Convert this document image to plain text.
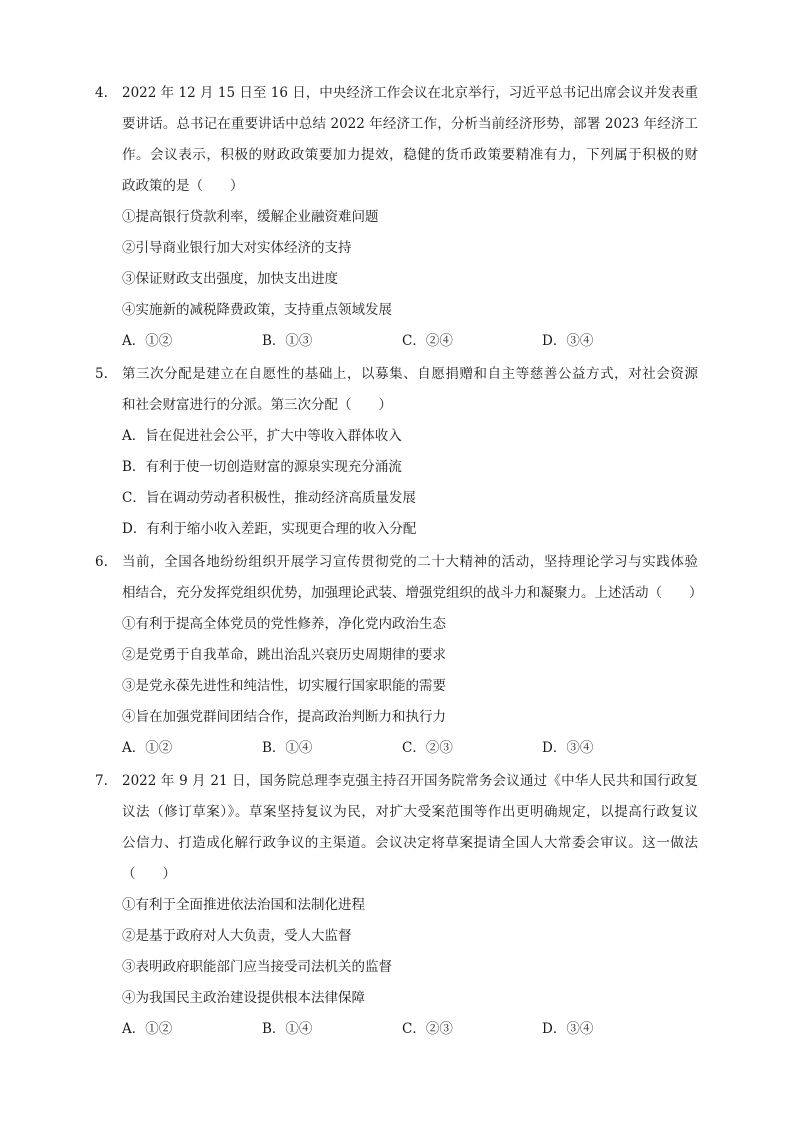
4. 2022 年 12 月 15 日至 16 日，中央经济工作会议在北京举行，习近平总书记出席会议并发表重
要讲话。总书记在重要讲话中总结 2022 年经济工作，分析当前经济形势，部署 2023 年经济工
作。会议表示，积极的财政政策要加力提效，稳健的货币政策要精准有力，下列属于积极的财
政政策的是（　　）
①提高银行贷款利率，缓解企业融资难问题
②引导商业银行加大对实体经济的支持
③保证财政支出强度，加快支出进度
④实施新的减税降费政策，支持重点领域发展
A．①②	B．①③	C．②④	D．③④
5. 第三次分配是建立在自愿性的基础上，以募集、自愿捐赠和自主等慈善公益方式，对社会资源
和社会财富进行的分派。第三次分配（　　）
A．旨在促进社会公平，扩大中等收入群体收入
B．有利于使一切创造财富的源泉实现充分涌流
C．旨在调动劳动者积极性，推动经济高质量发展
D．有利于缩小收入差距，实现更合理的收入分配
6. 当前，全国各地纷纷组织开展学习宣传贯彻党的二十大精神的活动，坚持理论学习与实践体验
相结合，充分发挥党组织优势，加强理论武装、增强党组织的战斗力和凝聚力。上述活动（　　）
①有利于提高全体党员的党性修养，净化党内政治生态
②是党勇于自我革命，跳出治乱兴衰历史周期律的要求
③是党永葆先进性和纯洁性，切实履行国家职能的需要
④旨在加强党群间团结合作，提高政治判断力和执行力
A．①②	B．①④	C．②③	D．③④
7. 2022 年 9 月 21 日，国务院总理李克强主持召开国务院常务会议通过《中华人民共和国行政复
议法（修订草案）》。草案坚持复议为民，对扩大受案范围等作出更明确规定，以提高行政复议
公信力、打造成化解行政争议的主渠道。会议决定将草案提请全国人大常委会审议。这一做法
（　　）
①有利于全面推进依法治国和法制化进程
②是基于政府对人大负责，受人大监督
③表明政府职能部门应当接受司法机关的监督
④为我国民主政治建设提供根本法律保障
A．①②	B．①④	C．②③	D．③④
